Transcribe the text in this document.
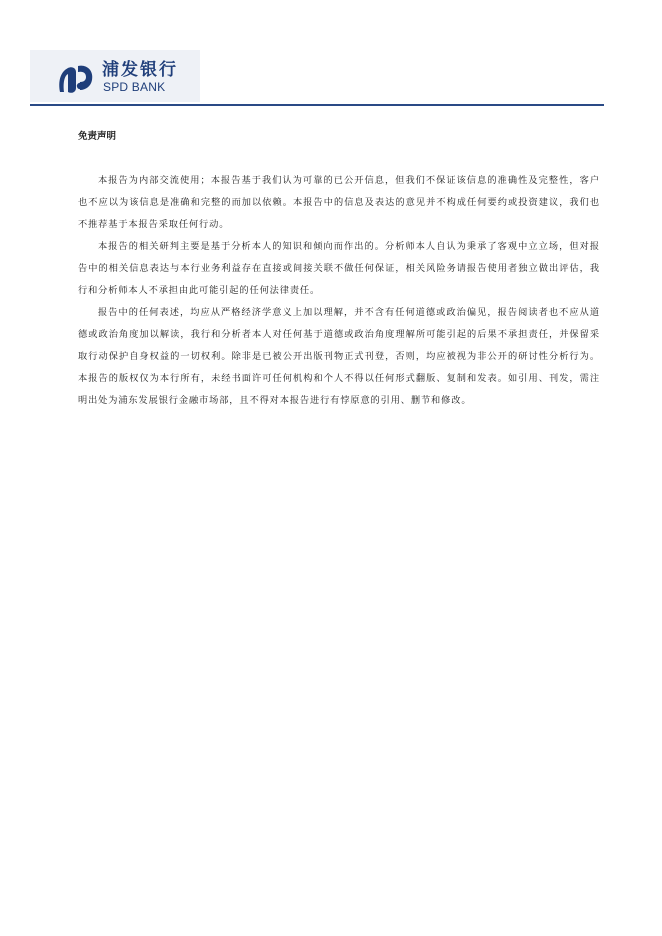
浦发银行
SPD BANK
免责声明

本报告为内部交流使用；本报告基于我们认为可靠的已公开信息，但我们不保证该信息的准确性及完整性，客户也不应以为该信息是准确和完整的而加以依赖。本报告中的信息及表达的意见并不构成任何要约或投资建议，我们也不推荐基于本报告采取任何行动。

本报告的相关研判主要是基于分析本人的知识和倾向而作出的。分析师本人自认为秉承了客观中立立场，但对报告中的相关信息表达与本行业务利益存在直接或间接关联不做任何保证，相关风险务请报告使用者独立做出评估，我行和分析师本人不承担由此可能引起的任何法律责任。

报告中的任何表述，均应从严格经济学意义上加以理解，并不含有任何道德或政治偏见，报告阅读者也不应从道德或政治角度加以解读，我行和分析者本人对任何基于道德或政治角度理解所可能引起的后果不承担责任，并保留采取行动保护自身权益的一切权利。除非是已被公开出版刊物正式刊登，否则，均应被视为非公开的研讨性分析行为。本报告的版权仅为本行所有，未经书面许可任何机构和个人不得以任何形式翻版、复制和发表。如引用、刊发，需注明出处为浦东发展银行金融市场部，且不得对本报告进行有悖原意的引用、删节和修改。
